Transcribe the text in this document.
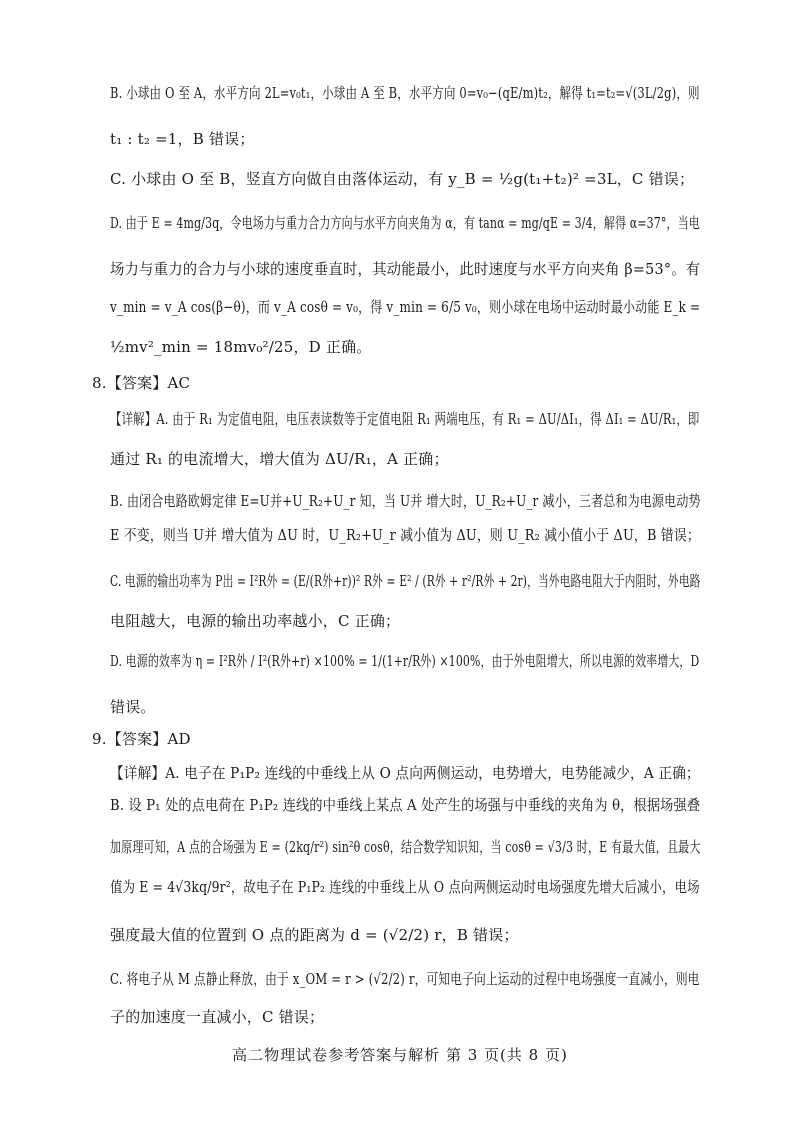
B. 小球由 O 至 A，水平方向 2L=v₀t₁，小球由 A 至 B，水平方向 0=v₀−(qE/m)t₂，解得 t₁=t₂=√(3L/2g)，则
t₁ : t₂ =1，B 错误；
C. 小球由 O 至 B，竖直方向做自由落体运动，有 y_B = ½g(t₁+t₂)² =3L，C 错误；
D. 由于 E = 4mg/3q，令电场力与重力合力方向与水平方向夹角为 α，有 tanα = mg/qE = 3/4，解得 α=37°，当电
场力与重力的合力与小球的速度垂直时，其动能最小，此时速度与水平方向夹角 β=53°。有
v_min = v_A cos(β−θ)，而 v_A cosθ = v₀，得 v_min = 6/5 v₀，则小球在电场中运动时最小动能 E_k =
½mv²_min = 18mv₀²/25，D 正确。
8.【答案】AC
【详解】A. 由于 R₁ 为定值电阻，电压表读数等于定值电阻 R₁ 两端电压，有 R₁ = ΔU/ΔI₁，得 ΔI₁ = ΔU/R₁，即
通过 R₁ 的电流增大，增大值为 ΔU/R₁，A 正确；
B. 由闭合电路欧姆定律 E=U并+U_R₂+U_r 知，当 U并 增大时，U_R₂+U_r 减小，三者总和为电源电动势
E 不变，则当 U并 增大值为 ΔU 时，U_R₂+U_r 减小值为 ΔU，则 U_R₂ 减小值小于 ΔU，B 错误；
C. 电源的输出功率为 P出 = I²R外 = (E/(R外+r))² R外 = E² / (R外 + r²/R外 + 2r)，当外电路电阻大于内阻时，外电路
电阻越大，电源的输出功率越小，C 正确；
D. 电源的效率为 η = I²R外 / I²(R外+r) ×100% = 1/(1+r/R外) ×100%，由于外电阻增大，所以电源的效率增大，D
错误。
9.【答案】AD
【详解】A. 电子在 P₁P₂ 连线的中垂线上从 O 点向两侧运动，电势增大，电势能减少，A 正确；
B. 设 P₁ 处的点电荷在 P₁P₂ 连线的中垂线上某点 A 处产生的场强与中垂线的夹角为 θ，根据场强叠
加原理可知，A 点的合场强为 E = (2kq/r²) sin²θ cosθ，结合数学知识知，当 cosθ = √3/3 时，E 有最大值，且最大
值为 E = 4√3kq/9r²，故电子在 P₁P₂ 连线的中垂线上从 O 点向两侧运动时电场强度先增大后减小，电场
强度最大值的位置到 O 点的距离为 d = (√2/2) r，B 错误；
C. 将电子从 M 点静止释放，由于 x_OM = r > (√2/2) r，可知电子向上运动的过程中电场强度一直减小，则电
子的加速度一直减小，C 错误；
高二物理试卷参考答案与解析 第 3 页(共 8 页)
